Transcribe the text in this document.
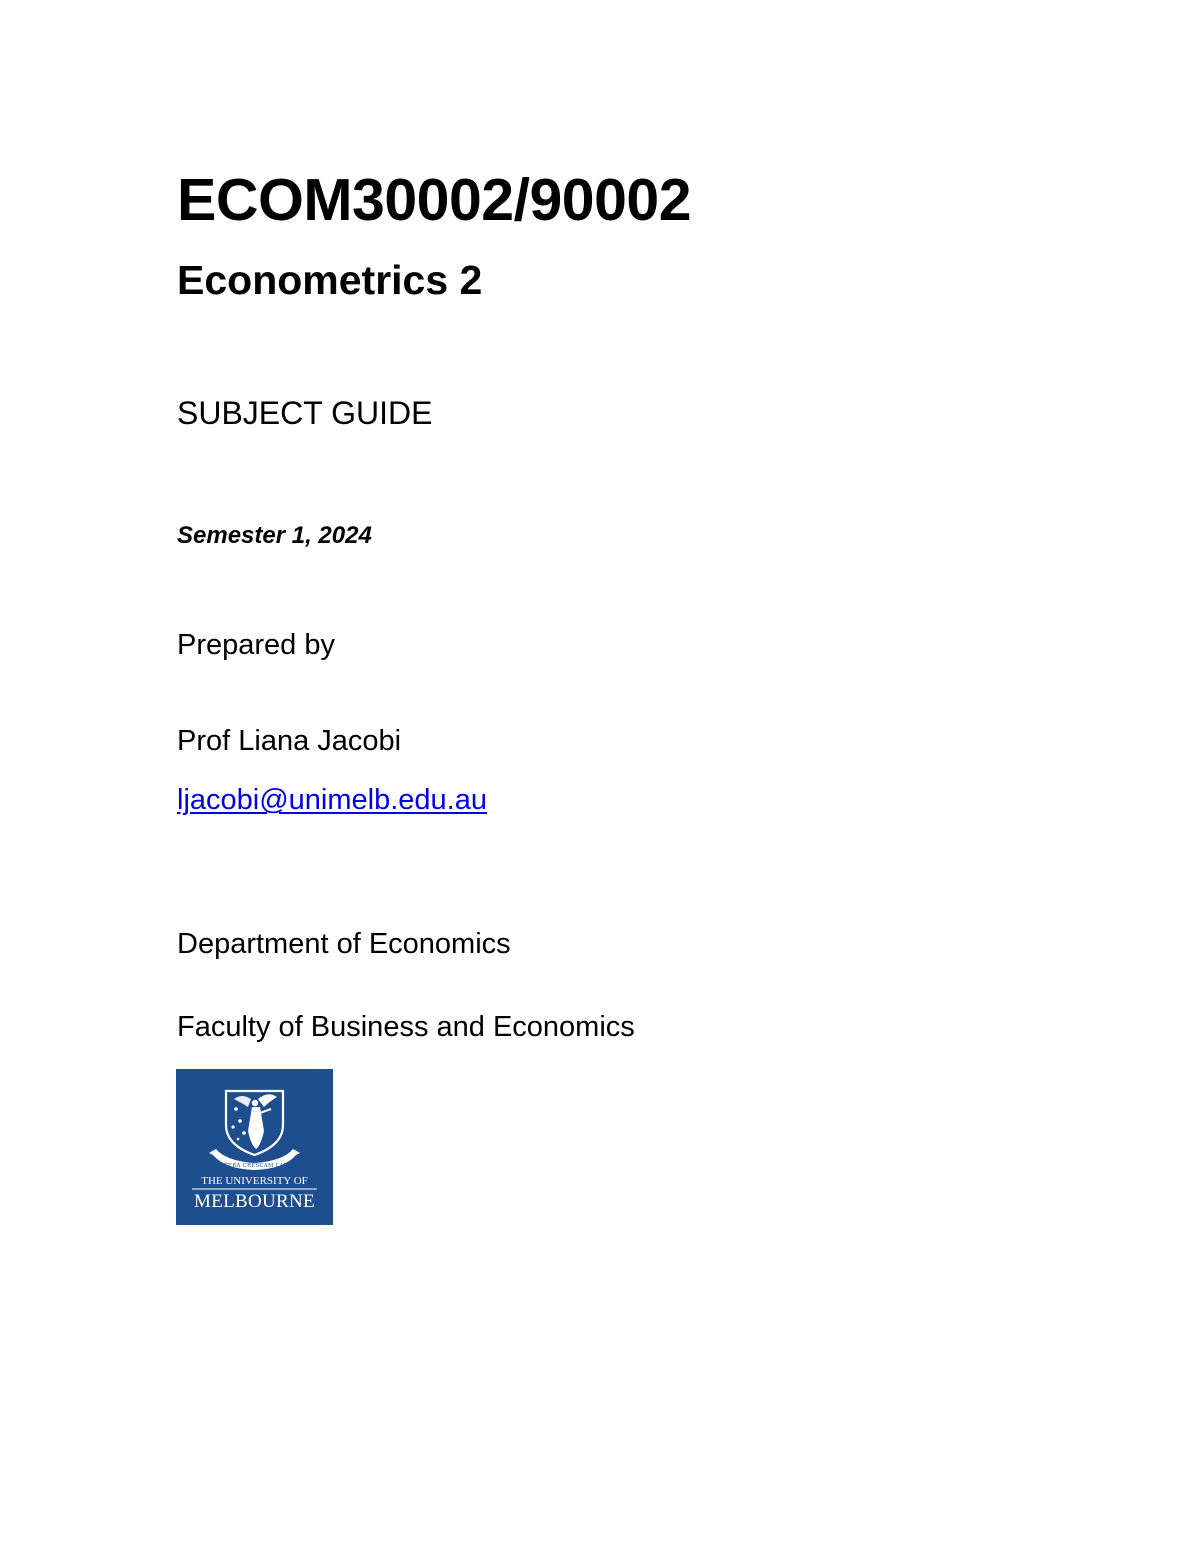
ECOM30002/90002
Econometrics 2
SUBJECT GUIDE
Semester 1, 2024
Prepared by
Prof Liana Jacobi
ljacobi@unimelb.edu.au
Department of Economics
Faculty of Business and Economics
POSTERA CRESCAM LAUDE
THE UNIVERSITY OF
MELBOURNE
